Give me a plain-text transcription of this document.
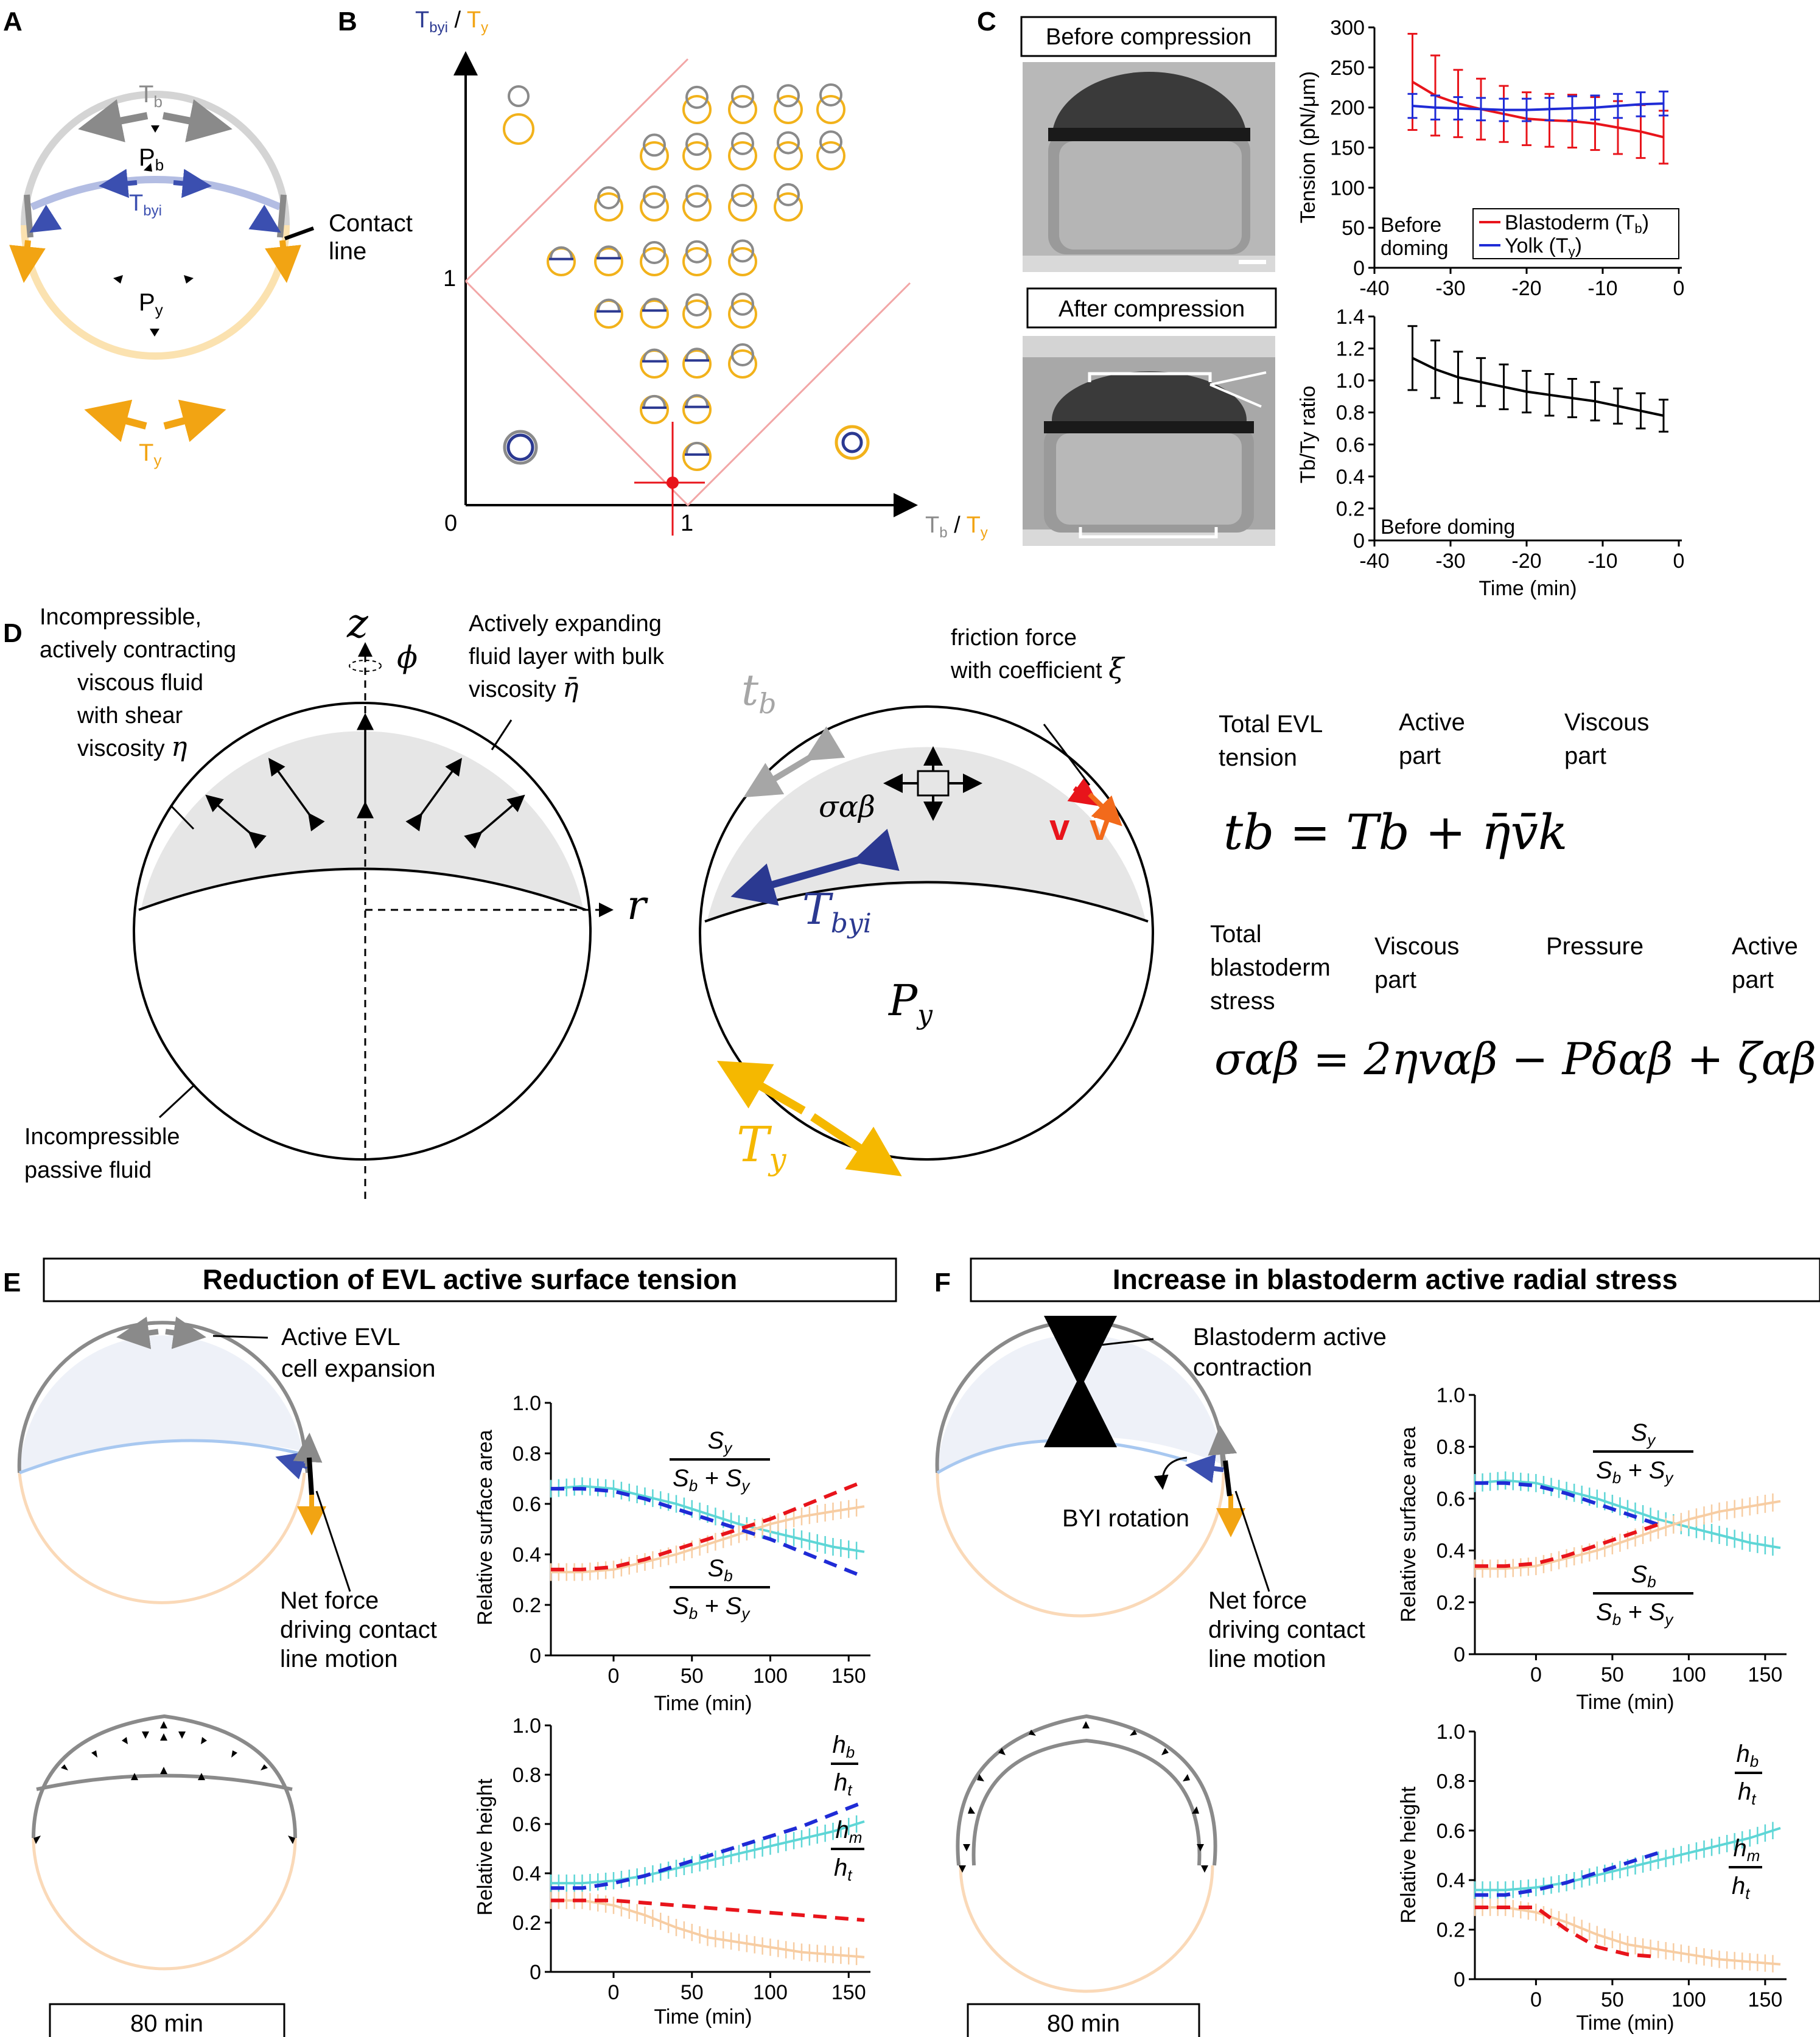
A
$T_b$
$P_b$
$T_{byi}$
$P_y$
$T_y$
Contact line
B	$T_{byi} / T_y$
$T_b / T_y$
0
1
1
C
Before compression
After compression
0
50
100
150
200
250
300
-40 -30 -20 -10	0
Tension (pN/μm)
Before doming
Blastoderm (Tb)
Yolk (Ty)
0
0.2
0.4
0.6
0.8
1.0
1.2
1.4
-40 -30 -20 -10	0
Tb/Ty ratio
Before doming
Time (min)
D
Incompressible, actively contracting viscous fluid with shear viscosity η
Actively expanding fluid layer with bulk viscosity η̄
z
ϕ
r
Incompressible passive fluid
$t_b$
σαβ
$T_{byi}$
$P_y$
Ty
v v̄
friction force with coefficient ξ
Total EVL tension
Active part
Viscous part
tb = Tb + η̄v̄k
Total blastoderm stress
Viscous part
Pressure	Active part
σαβ = 2ηvαβ − Pδαβ + ζαβ
E	Reduction of EVL active surface tension
Active EVL cell expansion
Net force driving contact line motion
80 min
0
0.2
0.4
0.6
0.8
1.0
0	50 100 150
Relative surface area
Time (min)
$S_y$
$S_b + S_y$
$S_b$
$S_b + S_y$
0
0.2
0.4
0.6
0.8
1.0
0	50 100 150
Relative height
Time (min)
$h_b$
$h_t$
$h_m$
$h_t$
F	Increase in blastoderm active radial stress
Blastoderm active contraction
BYI rotation
Net force driving contact line motion
80 min
0
0.2
0.4
0.6
0.8
1.0
0	50 100 150
Relative surface area
Time (min)
$S_y$
$S_b + S_y$
$S_b$
$S_b + S_y$
0
0.2
0.4
0.6
0.8
1.0
0	50 100 150
Relative height
Time (min)
$h_b$
$h_t$
$h_m$
$h_t$
